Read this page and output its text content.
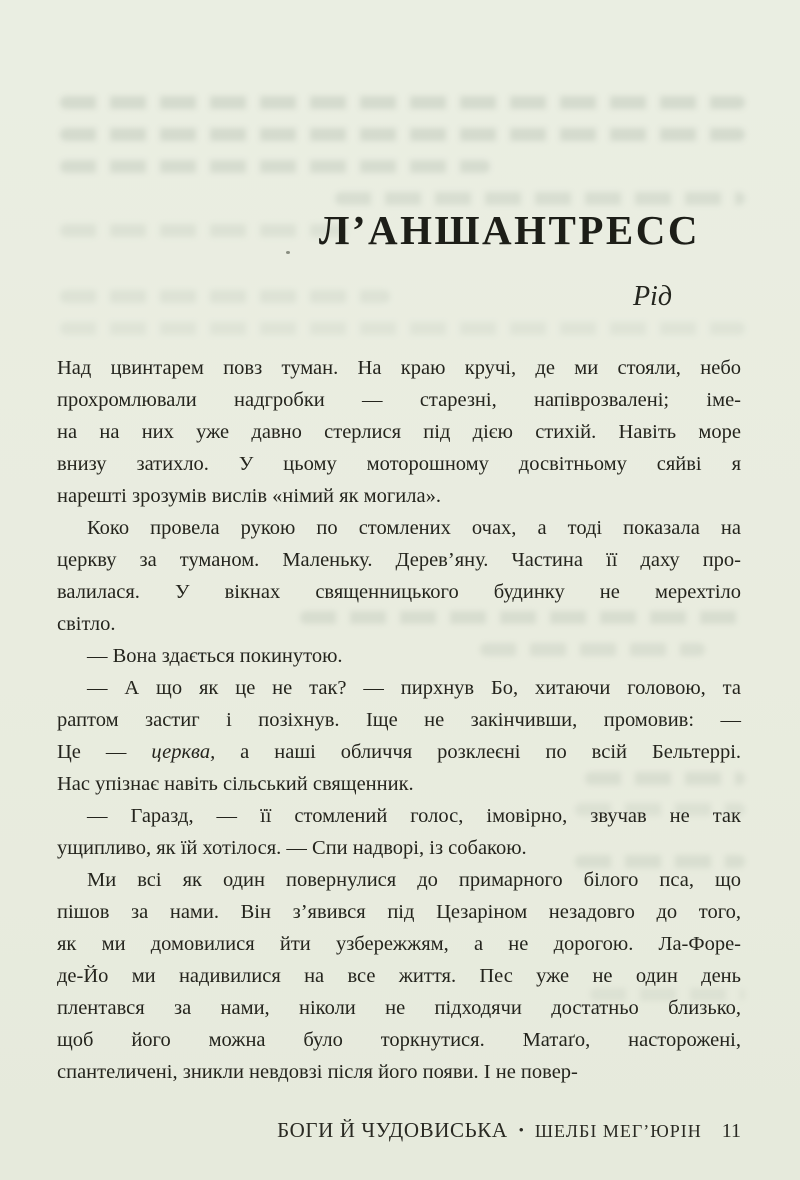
Л’АНШАНТРЕСС
Рід
Над цвинтарем повз туман. На краю кручі, де ми стояли, небо
прохромлювали надгробки — старезні, напіврозвалені; іме-
на на них уже давно стерлися під дією стихій. Навіть море
внизу затихло. У цьому моторошному досвітньому сяйві я
нарешті зрозумів вислів «німий як могила».
Коко провела рукою по стомлених очах, а тоді показала на
церкву за туманом. Маленьку. Дерев’яну. Частина її даху про-
валилася. У вікнах священницького будинку не мерехтіло
світло.
— Вона здається покинутою.
— А що як це не так? — пирхнув Бо, хитаючи головою, та
раптом застиг і позіхнув. Іще не закінчивши, промовив: —
Це — церква, а наші обличчя розклеєні по всій Бельтеррі.
Нас упізнає навіть сільський священник.
— Гаразд, — її стомлений голос, імовірно, звучав не так
ущипливо, як їй хотілося. — Спи надворі, із собакою.
Ми всі як один повернулися до примарного білого пса, що
пішов за нами. Він з’явився під Цезаріном незадовго до того,
як ми домовилися йти узбережжям, а не дорогою. Ла-Форе-
де-Йо ми надивилися на все життя. Пес уже не один день
плентався за нами, ніколи не підходячи достатньо близько,
щоб його можна було торкнутися. Матаґо, насторожені,
спантеличені, зникли невдовзі після його появи. І не повер-
БОГИ Й ЧУДОВИСЬКА • ШЕЛБІ МЕГ’ЮРІН 11
